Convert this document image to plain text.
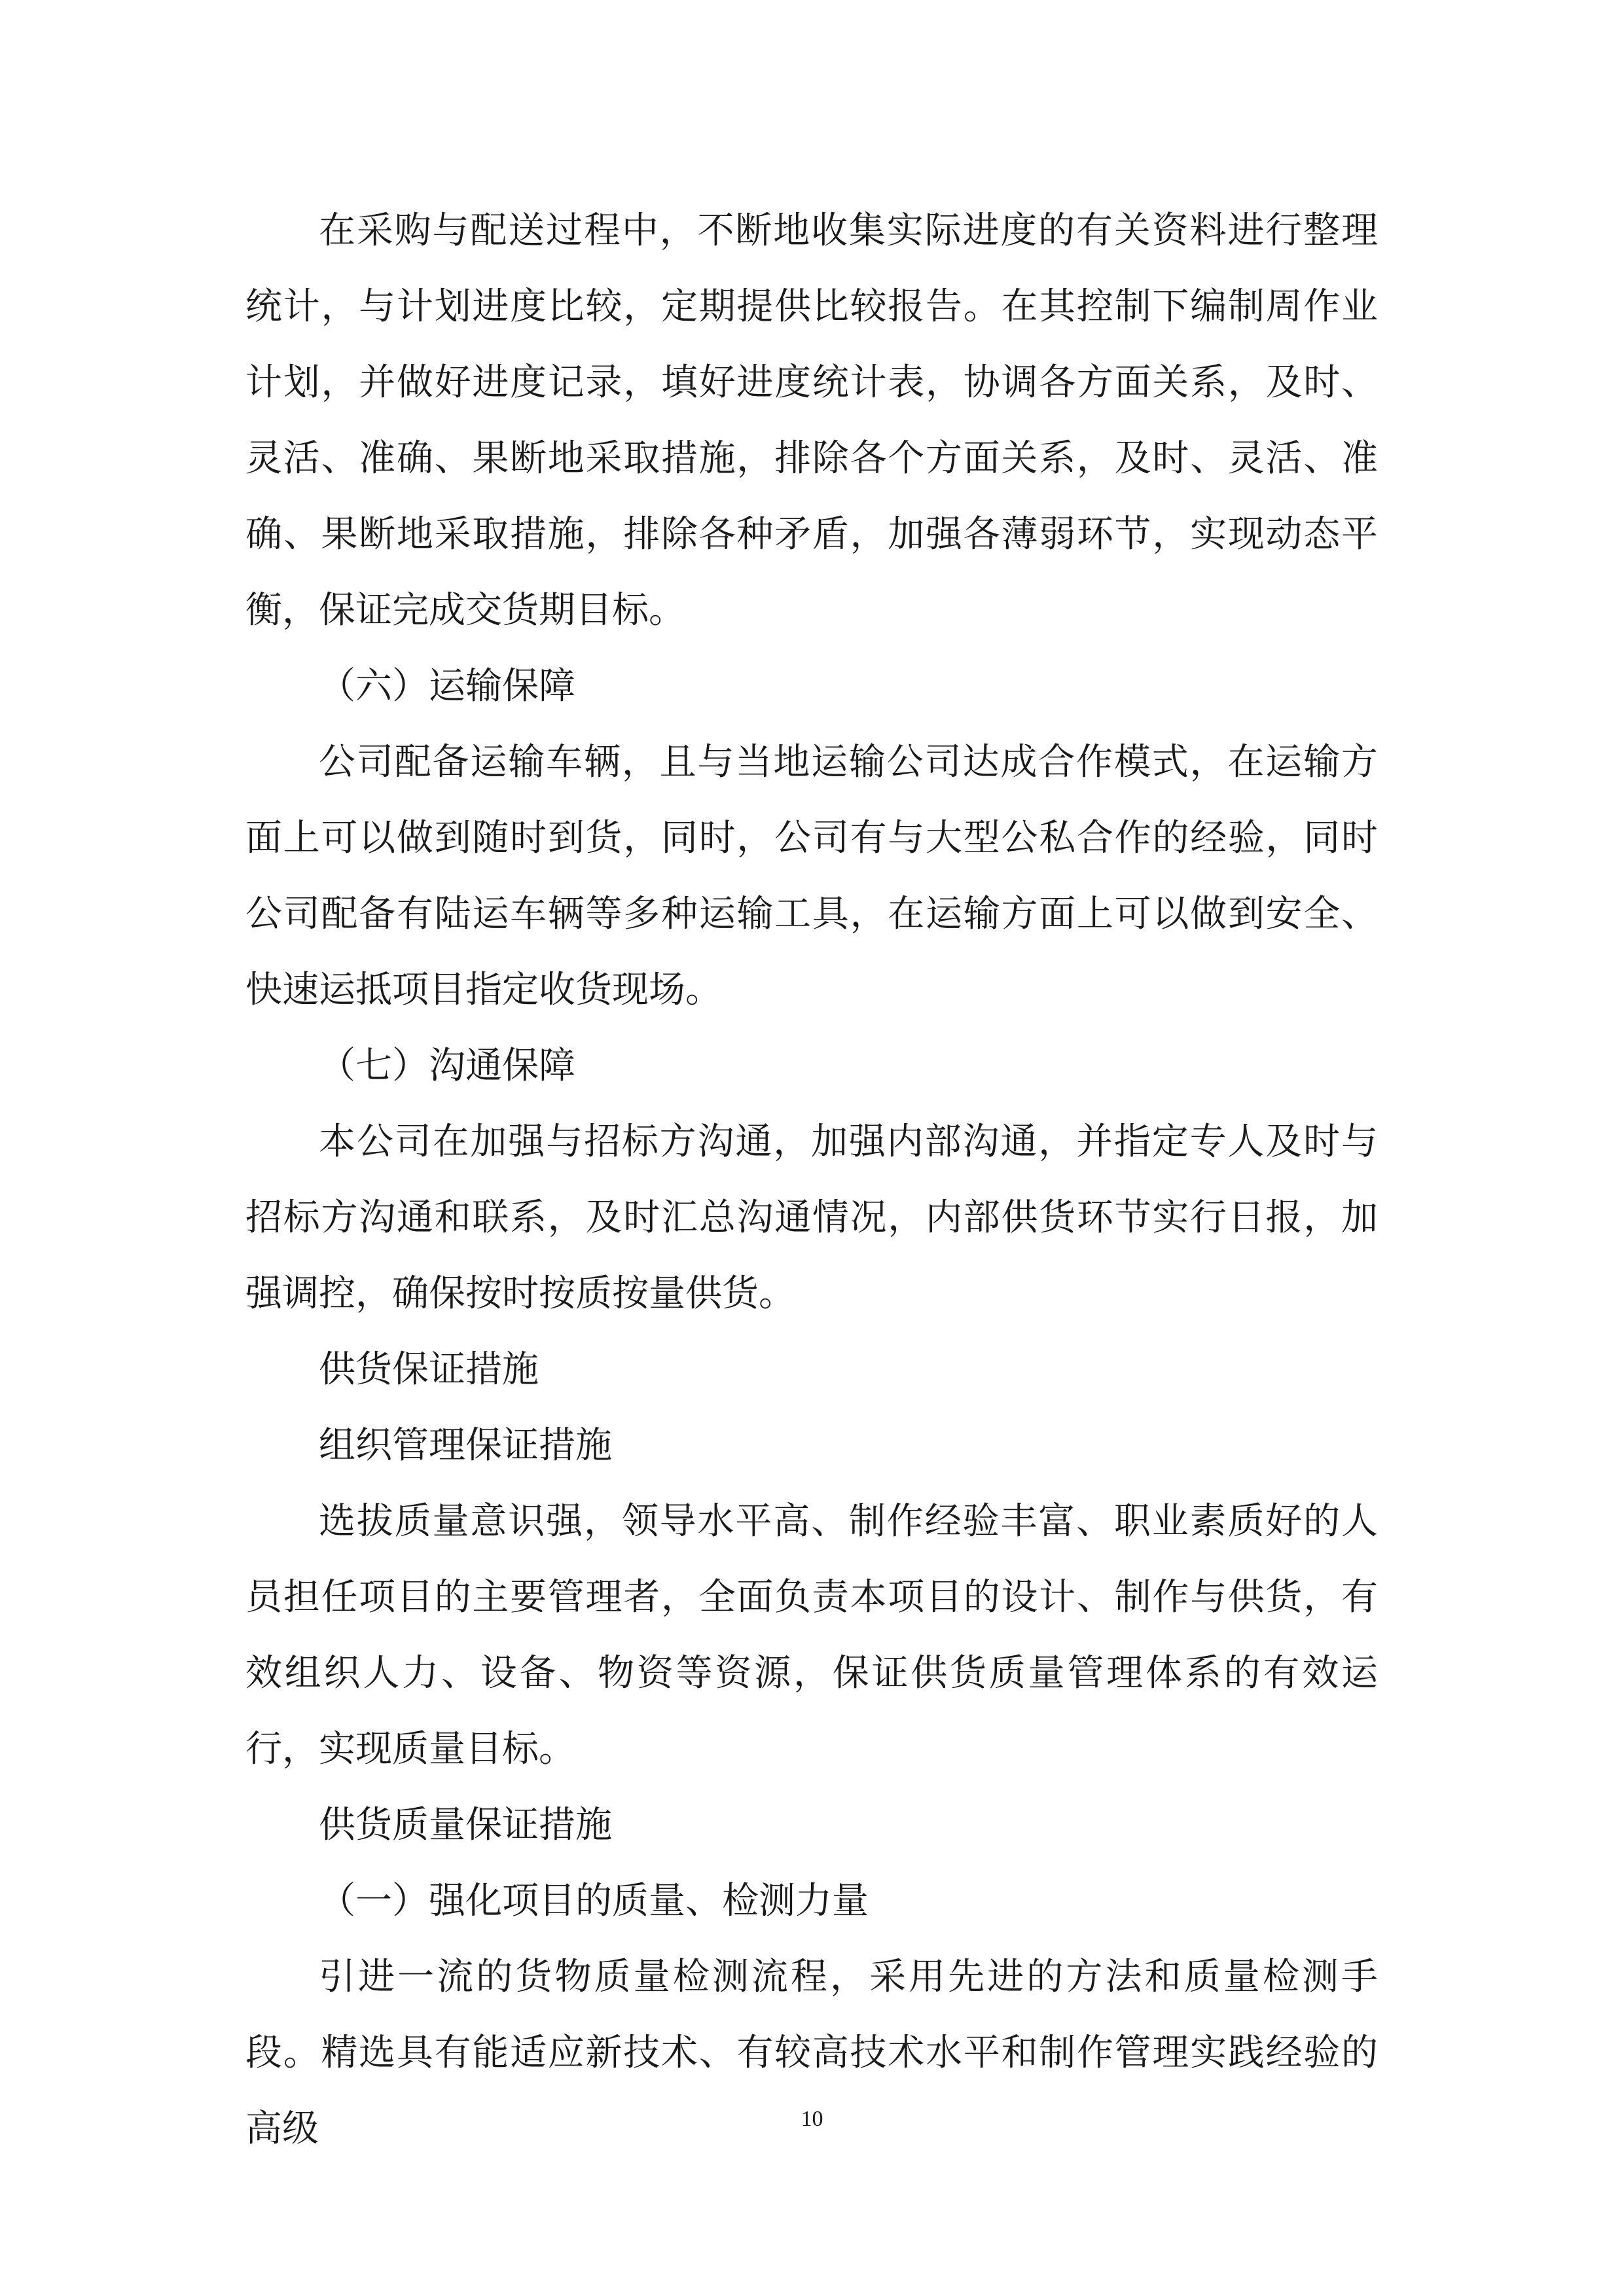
在采购与配送过程中，不断地收集实际进度的有关资料进行整理统计，与计划进度比较，定期提供比较报告。在其控制下编制周作业计划，并做好进度记录，填好进度统计表，协调各方面关系，及时、灵活、准确、果断地采取措施，排除各个方面关系，及时、灵活、准确、果断地采取措施，排除各种矛盾，加强各薄弱环节，实现动态平衡，保证完成交货期目标。

（六）运输保障

公司配备运输车辆，且与当地运输公司达成合作模式，在运输方面上可以做到随时到货，同时，公司有与大型公私合作的经验，同时公司配备有陆运车辆等多种运输工具，在运输方面上可以做到安全、快速运抵项目指定收货现场。

（七）沟通保障

本公司在加强与招标方沟通，加强内部沟通，并指定专人及时与招标方沟通和联系，及时汇总沟通情况，内部供货环节实行日报，加强调控，确保按时按质按量供货。

供货保证措施

组织管理保证措施

选拔质量意识强，领导水平高、制作经验丰富、职业素质好的人员担任项目的主要管理者，全面负责本项目的设计、制作与供货，有效组织人力、设备、物资等资源，保证供货质量管理体系的有效运行，实现质量目标。

供货质量保证措施

（一）强化项目的质量、检测力量

引进一流的货物质量检测流程，采用先进的方法和质量检测手段。精选具有能适应新技术、有较高技术水平和制作管理实践经验的高级	10
